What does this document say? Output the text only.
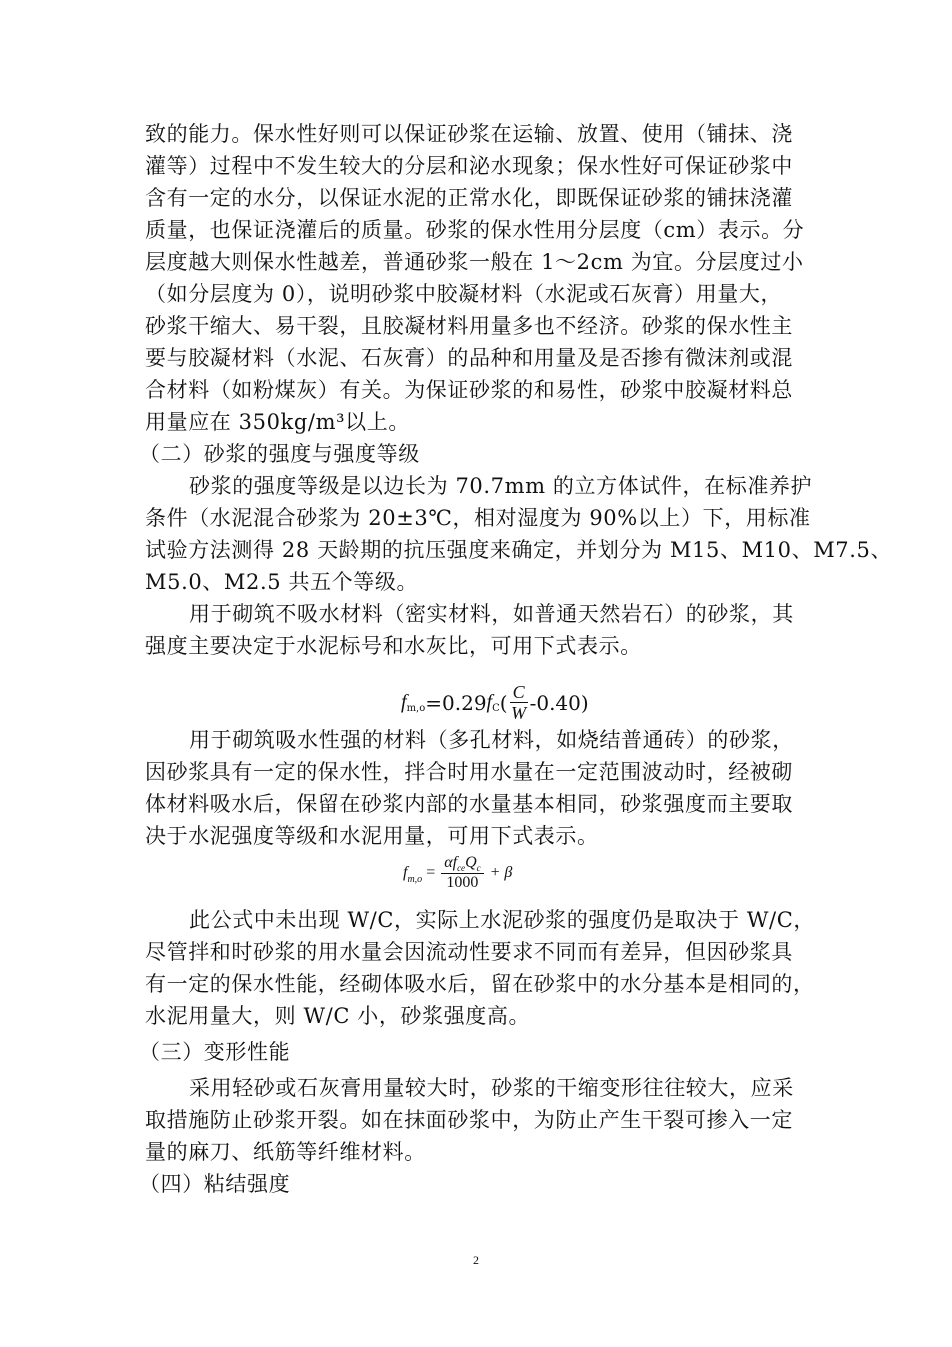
致的能力。保水性好则可以保证砂浆在运输、放置、使用（铺抹、浇
灌等）过程中不发生较大的分层和泌水现象；保水性好可保证砂浆中
含有一定的水分，以保证水泥的正常水化，即既保证砂浆的铺抹浇灌
质量，也保证浇灌后的质量。砂浆的保水性用分层度（cm）表示。分
层度越大则保水性越差，普通砂浆一般在 1～2cm 为宜。分层度过小
（如分层度为 0），说明砂浆中胶凝材料（水泥或石灰膏）用量大，
砂浆干缩大、易干裂，且胶凝材料用量多也不经济。砂浆的保水性主
要与胶凝材料（水泥、石灰膏）的品种和用量及是否掺有微沫剂或混
合材料（如粉煤灰）有关。为保证砂浆的和易性，砂浆中胶凝材料总
用量应在 350kg/m³以上。
（二）砂浆的强度与强度等级
砂浆的强度等级是以边长为 70.7mm 的立方体试件，在标准养护
条件（水泥混合砂浆为 20±3℃，相对湿度为 90%以上）下，用标准
试验方法测得 28 天龄期的抗压强度来确定，并划分为 M15、M10、M7.5、
M5.0、M2.5 共五个等级。
用于砌筑不吸水材料（密实材料，如普通天然岩石）的砂浆，其
强度主要决定于水泥标号和水灰比，可用下式表示。
f m,o =0.29 f C ( $\frac{C}{W} -0.40$)
用于砌筑吸水性强的材料（多孔材料，如烧结普通砖）的砂浆，
因砂浆具有一定的保水性，拌合时用水量在一定范围波动时，经被砌
体材料吸水后，保留在砂浆内部的水量基本相同，砂浆强度而主要取
决于水泥强度等级和水泥用量，可用下式表示。
f $m,o = \frac{\alpha f_{ce}Q_c}{1000} + \beta$
此公式中未出现 W/C，实际上水泥砂浆的强度仍是取决于 W/C，
尽管拌和时砂浆的用水量会因流动性要求不同而有差异，但因砂浆具
有一定的保水性能，经砌体吸水后，留在砂浆中的水分基本是相同的，
水泥用量大，则 W/C 小，砂浆强度高。
（三）变形性能
采用轻砂或石灰膏用量较大时，砂浆的干缩变形往往较大，应采
取措施防止砂浆开裂。如在抹面砂浆中，为防止产生干裂可掺入一定
量的麻刀、纸筋等纤维材料。
（四）粘结强度
2
